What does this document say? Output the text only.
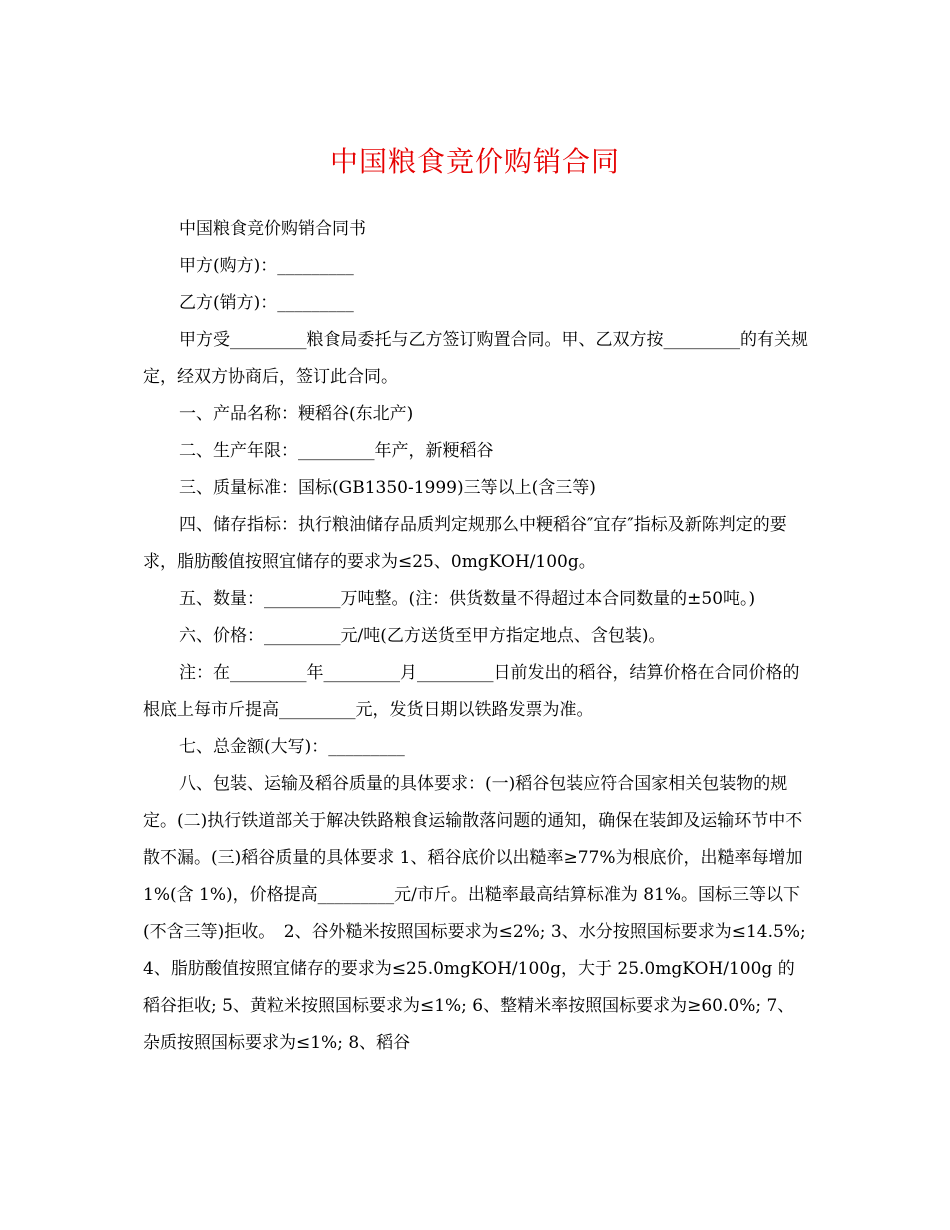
中国粮食竞价购销合同

中国粮食竞价购销合同书

甲方(购方)：_________

乙方(销方)：_________

甲方受_________粮食局委托与乙方签订购置合同。甲、乙双方按_________的有关规定，经双方协商后，签订此合同。

一、产品名称：粳稻谷(东北产)

二、生产年限：_________年产，新粳稻谷

三、质量标准：国标(GB1350-1999)三等以上(含三等)

四、储存指标：执行粮油储存品质判定规那么中粳稻谷″宜存″指标及新陈判定的要求，脂肪酸值按照宜储存的要求为≤25、0mgKOH/100g。

五、数量：_________万吨整。(注：供货数量不得超过本合同数量的±50吨。)

六、价格：_________元/吨(乙方送货至甲方指定地点、含包装)。

注：在_________年_________月_________日前发出的稻谷，结算价格在合同价格的根底上每市斤提高_________元，发货日期以铁路发票为准。

七、总金额(大写)：_________

八、包装、运输及稻谷质量的具体要求：(一)稻谷包装应符合国家相关包装物的规定。(二)执行铁道部关于解决铁路粮食运输散落问题的通知，确保在装卸及运输环节中不散不漏。(三)稻谷质量的具体要求 1、稻谷底价以出糙率≥77%为根底价，出糙率每增加 1%(含 1%)，价格提高_________元/市斤。出糙率最高结算标准为 81%。国标三等以下(不含三等)拒收。　2、谷外糙米按照国标要求为≤2%; 3、水分按照国标要求为≤14.5%; 4、脂肪酸值按照宜储存的要求为≤25.0mgKOH/100g，大于 25.0mgKOH/100g 的稻谷拒收; 5、黄粒米按照国标要求为≤1%; 6、整精米率按照国标要求为≥60.0%; 7、杂质按照国标要求为≤1%; 8、稻谷
